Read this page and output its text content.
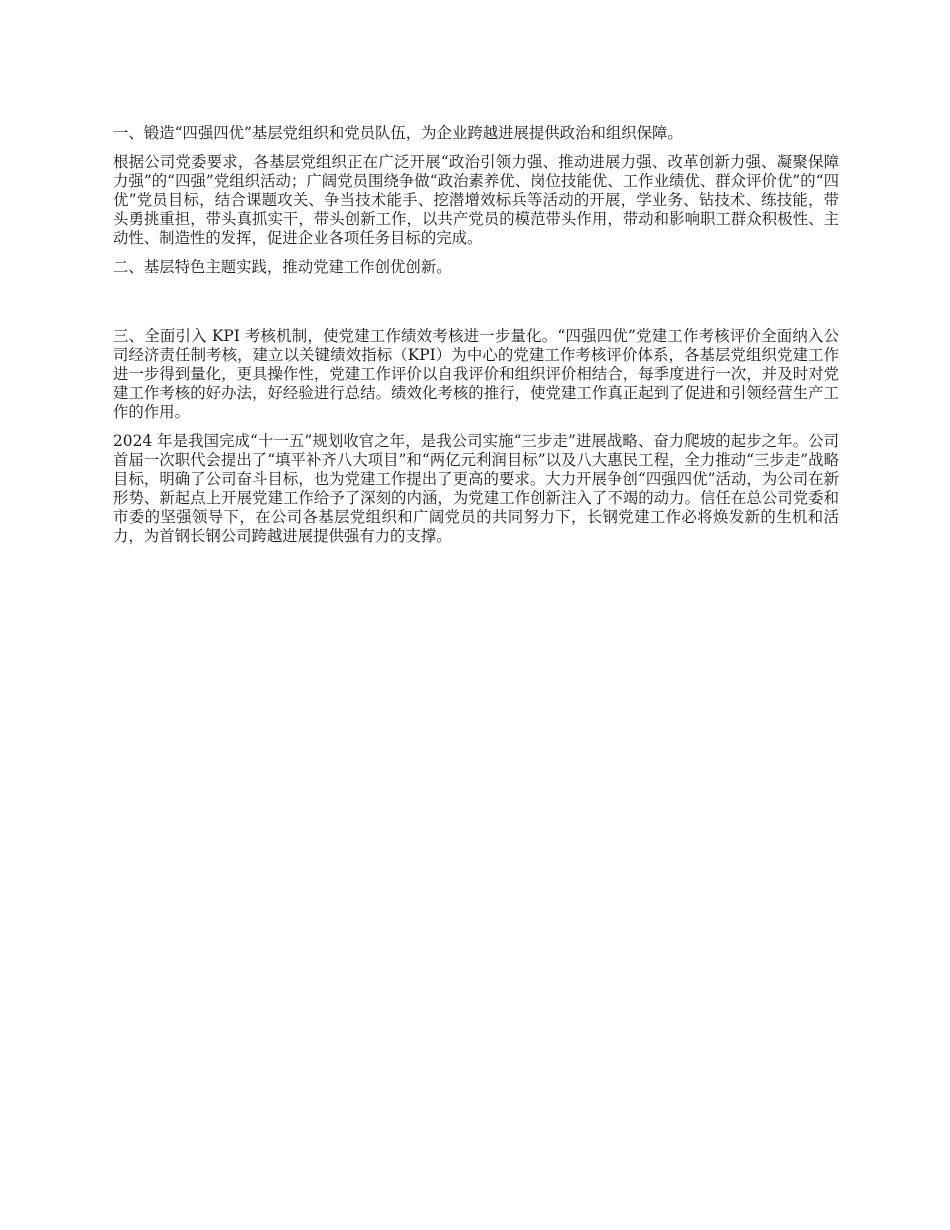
一、锻造“四强四优”基层党组织和党员队伍，为企业跨越进展提供政治和组织保障。

根据公司党委要求，各基层党组织正在广泛开展“政治引领力强、推动进展力强、改革创新力强、凝聚保障力强”的“四强”党组织活动；广阔党员围绕争做“政治素养优、岗位技能优、工作业绩优、群众评价优”的“四优”党员目标，结合课题攻关、争当技术能手、挖潜增效标兵等活动的开展，学业务、钻技术、练技能，带头勇挑重担，带头真抓实干，带头创新工作，以共产党员的模范带头作用，带动和影响职工群众积极性、主动性、制造性的发挥，促进企业各项任务目标的完成。

二、基层特色主题实践，推动党建工作创优创新。

三、全面引入 KPI 考核机制，使党建工作绩效考核进一步量化。“四强四优”党建工作考核评价全面纳入公司经济责任制考核，建立以关键绩效指标（KPI）为中心的党建工作考核评价体系，各基层党组织党建工作进一步得到量化，更具操作性，党建工作评价以自我评价和组织评价相结合，每季度进行一次，并及时对党建工作考核的好办法，好经验进行总结。绩效化考核的推行，使党建工作真正起到了促进和引领经营生产工作的作用。

2024 年是我国完成“十一五”规划收官之年，是我公司实施“三步走”进展战略、奋力爬坡的起步之年。公司首届一次职代会提出了“填平补齐八大项目”和“两亿元利润目标”以及八大惠民工程，全力推动“三步走”战略目标，明确了公司奋斗目标，也为党建工作提出了更高的要求。大力开展争创“四强四优”活动，为公司在新形势、新起点上开展党建工作给予了深刻的内涵，为党建工作创新注入了不竭的动力。信任在总公司党委和市委的坚强领导下，在公司各基层党组织和广阔党员的共同努力下，长钢党建工作必将焕发新的生机和活力，为首钢长钢公司跨越进展提供强有力的支撑。
